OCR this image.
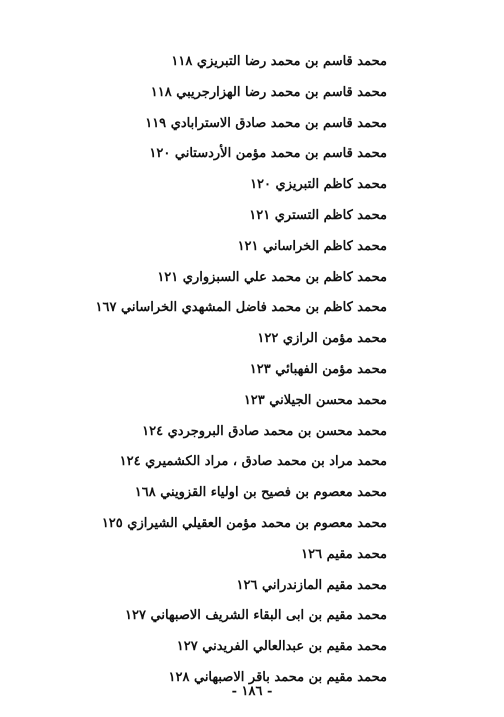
محمد قاسم بن محمد رضا التبريزي ١١٨
محمد قاسم بن محمد رضا الهزارجريبي ١١٨
محمد قاسم بن محمد صادق الاسترابادي ١١٩
محمد قاسم بن محمد مؤمن الأردستاني ١٢٠
محمد كاظم التبريزي ١٢٠
محمد كاظم التستري ١٢١
محمد كاظم الخراساني ١٢١
محمد كاظم بن محمد علي السبزواري ١٢١
محمد كاظم بن محمد فاضل المشهدي الخراساني ١٦٧
محمد مؤمن الرازي ١٢٢
محمد مؤمن الفهبائي ١٢٣
محمد محسن الجيلاني ١٢٣
محمد محسن بن محمد صادق البروجردي ١٢٤
محمد مراد بن محمد صادق ، مراد الكشميري ١٢٤
محمد معصوم بن فصيح بن اولياء القزويني ١٦٨
محمد معصوم بن محمد مؤمن العقيلي الشيرازي ١٢٥
محمد مقيم ١٢٦
محمد مقيم المازندراني ١٢٦
محمد مقيم بن ابى البقاء الشريف الاصبهاني ١٢٧
محمد مقيم بن عبدالعالي الفريدني ١٢٧
محمد مقيم بن محمد باقر الاصبهاني ١٢٨
- ١٨٦ -
